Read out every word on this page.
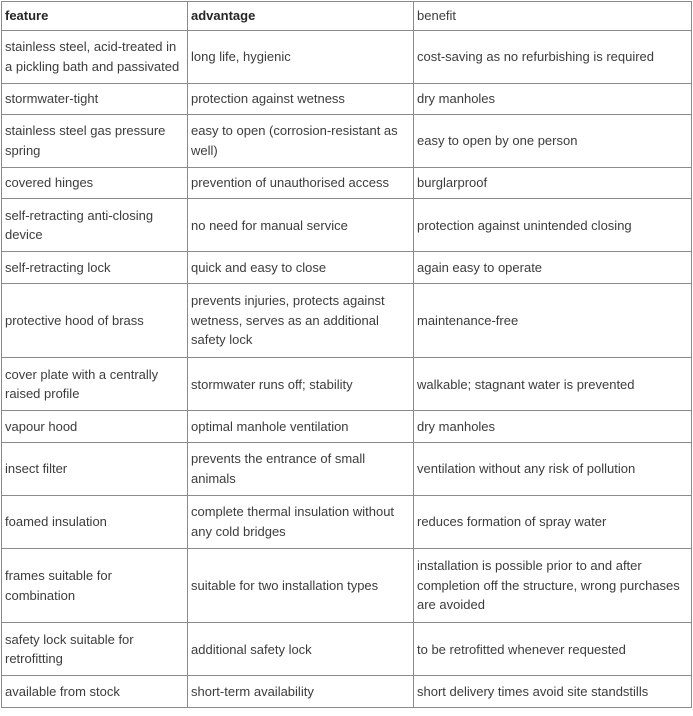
feature	advantage	benefit
stainless steel, acid-treated in a pickling bath and passivated	long life, hygienic	cost-saving as no refurbishing is required
stormwater-tight	protection against wetness	dry manholes
stainless steel gas pressure spring	easy to open (corrosion-resistant as well)	easy to open by one person
covered hinges	prevention of unauthorised access	burglarproof
self-retracting anti-closing device	no need for manual service	protection against unintended closing
self-retracting lock	quick and easy to close	again easy to operate
protective hood of brass	prevents injuries, protects against wetness, serves as an additional safety lock	maintenance-free
cover plate with a centrally raised profile	stormwater runs off; stability	walkable; stagnant water is prevented
vapour hood	optimal manhole ventilation	dry manholes
insect filter	prevents the entrance of small animals	ventilation without any risk of pollution
foamed insulation	complete thermal insulation without any cold bridges	reduces formation of spray water
frames suitable for combination	suitable for two installation types	installation is possible prior to and after completion off the structure, wrong purchases are avoided
safety lock suitable for retrofitting	additional safety lock	to be retrofitted whenever requested
available from stock	short-term availability	short delivery times avoid site standstills
